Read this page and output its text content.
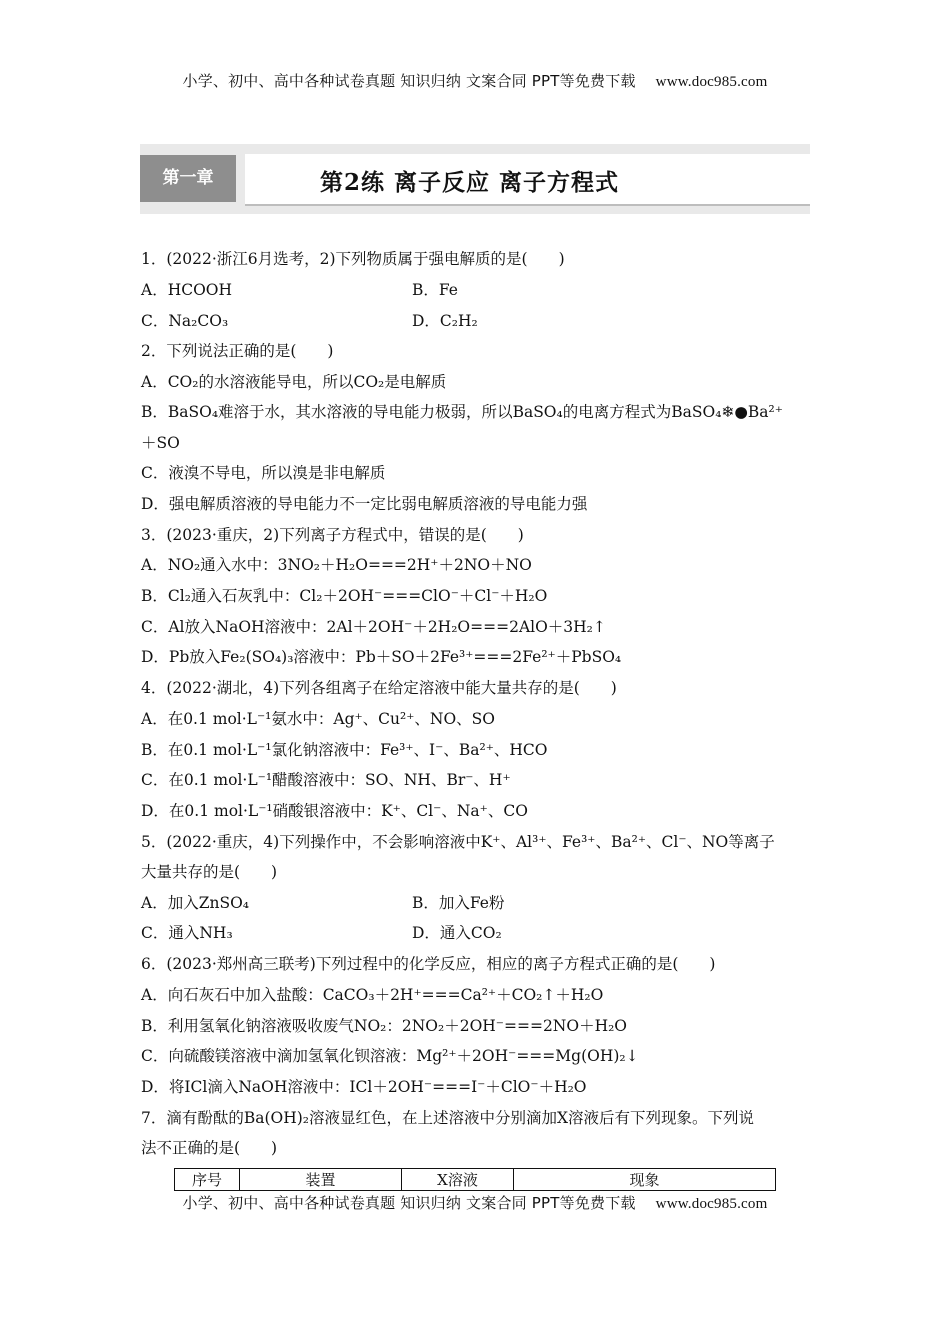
小学、初中、高中各种试卷真题 知识归纳 文案合同 PPT等免费下载 www.doc985.com
第一章	第2练 离子反应 离子方程式
1．(2022·浙江6月选考，2)下列物质属于强电解质的是(　　)
A．HCOOH	B．Fe
C．Na₂CO₃	D．C₂H₂
2．下列说法正确的是(　　)
A．CO₂的水溶液能导电，所以CO₂是电解质
B．BaSO₄难溶于水，其水溶液的导电能力极弱，所以BaSO₄的电离方程式为BaSO₄❄●Ba²⁺
＋SO
C．液溴不导电，所以溴是非电解质
D．强电解质溶液的导电能力不一定比弱电解质溶液的导电能力强
3．(2023·重庆，2)下列离子方程式中，错误的是(　　)
A．NO₂通入水中：3NO₂＋H₂O===2H⁺＋2NO＋NO
B．Cl₂通入石灰乳中：Cl₂＋2OH⁻===ClO⁻＋Cl⁻＋H₂O
C．Al放入NaOH溶液中：2Al＋2OH⁻＋2H₂O===2AlO＋3H₂↑
D．Pb放入Fe₂(SO₄)₃溶液中：Pb＋SO＋2Fe³⁺===2Fe²⁺＋PbSO₄
4．(2022·湖北，4)下列各组离子在给定溶液中能大量共存的是(　　)
A．在0.1 mol·L⁻¹氨水中：Ag⁺、Cu²⁺、NO、SO
B．在0.1 mol·L⁻¹氯化钠溶液中：Fe³⁺、I⁻、Ba²⁺、HCO
C．在0.1 mol·L⁻¹醋酸溶液中：SO、NH、Br⁻、H⁺
D．在0.1 mol·L⁻¹硝酸银溶液中：K⁺、Cl⁻、Na⁺、CO
5．(2022·重庆，4)下列操作中，不会影响溶液中K⁺、Al³⁺、Fe³⁺、Ba²⁺、Cl⁻、NO等离子
大量共存的是(　　)
A．加入ZnSO₄	B．加入Fe粉
C．通入NH₃	D．通入CO₂
6．(2023·郑州高三联考)下列过程中的化学反应，相应的离子方程式正确的是(　　)
A．向石灰石中加入盐酸：CaCO₃＋2H⁺===Ca²⁺＋CO₂↑＋H₂O
B．利用氢氧化钠溶液吸收废气NO₂：2NO₂＋2OH⁻===2NO＋H₂O
C．向硫酸镁溶液中滴加氢氧化钡溶液：Mg²⁺＋2OH⁻===Mg(OH)₂↓
D．将ICl滴入NaOH溶液中：ICl＋2OH⁻===I⁻＋ClO⁻＋H₂O
7．滴有酚酞的Ba(OH)₂溶液显红色，在上述溶液中分别滴加X溶液后有下列现象。下列说
法不正确的是(　　)
序号	装置	X溶液	现象
小学、初中、高中各种试卷真题 知识归纳 文案合同 PPT等免费下载 www.doc985.com
